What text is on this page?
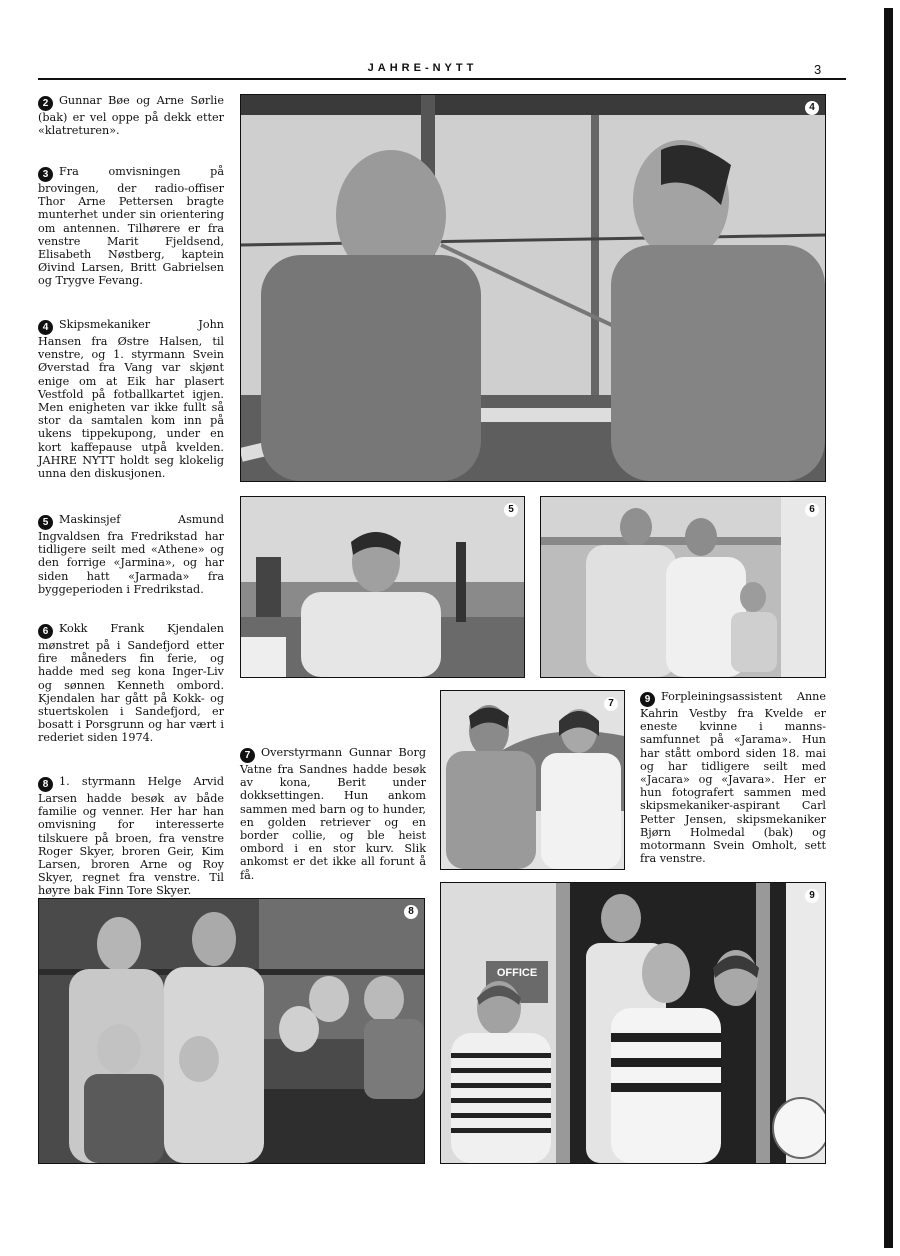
JAHRE-NYTT	3
2 Gunnar Bøe og Arne Sørlie (bak) er vel oppe på dekk etter «klatreturen».
3 Fra omvisningen på brovingen, der radio-offiser Thor Arne Pettersen bragte munterhet under sin orientering om antennen. Tilhørere er fra venstre Marit Fjeldsend, Elisabeth Nøstberg, kaptein Øivind Larsen, Britt Gabrielsen og Trygve Fevang.
4 Skipsmekaniker John Hansen fra Østre Halsen, til venstre, og 1. styrmann Svein Øverstad fra Vang var skjønt enige om at Eik har plasert Vestfold på fotballkartet igjen. Men enigheten var ikke fullt så stor da samtalen kom inn på ukens tippekupong, under en kort kaffepause utpå kvelden. JAHRE NYTT holdt seg klokelig unna den diskusjonen.
5 Maskinsjef Asmund Ingvaldsen fra Fredrikstad har tidligere seilt med «Athene» og den forrige «Jarmina», og har siden hatt «Jarmada» fra byggeperioden i Fredrikstad.
6 Kokk Frank Kjendalen mønstret på i Sandefjord etter fire måneders fin ferie, og hadde med seg kona Inger-Liv og sønnen Kenneth ombord. Kjendalen har gått på Kokk- og stuertskolen i Sandefjord, er bosatt i Porsgrunn og har vært i rederiet siden 1974.
8 1. styrmann Helge Arvid Larsen hadde besøk av både familie og venner. Her har han omvisning for interesserte tilskuere på broen, fra venstre Roger Skyer, broren Geir, Kim Larsen, broren Arne og Roy Skyer, regnet fra venstre. Til høyre bak Finn Tore Skyer.
7 Overstyrmann Gunnar Borg Vatne fra Sandnes hadde besøk av kona, Berit under dokksettingen. Hun ankom sammen med barn og to hunder, en golden retriever og en border collie, og ble heist ombord i en stor kurv. Slik ankomst er det ikke all forunt å få.
9 Forpleiningsassistent Anne Kahrin Vestby fra Kvelde er eneste kvinne i manns-samfunnet på «Jarama». Hun har stått ombord siden 18. mai og har tidligere seilt med «Jacara» og «Javara». Her er hun fotografert sammen med skipsmekaniker-aspirant Carl Petter Jensen, skipsmekaniker Bjørn Holmedal (bak) og motormann Svein Omholt, sett fra venstre.
4
5	6
7
8
OFFICE
9
